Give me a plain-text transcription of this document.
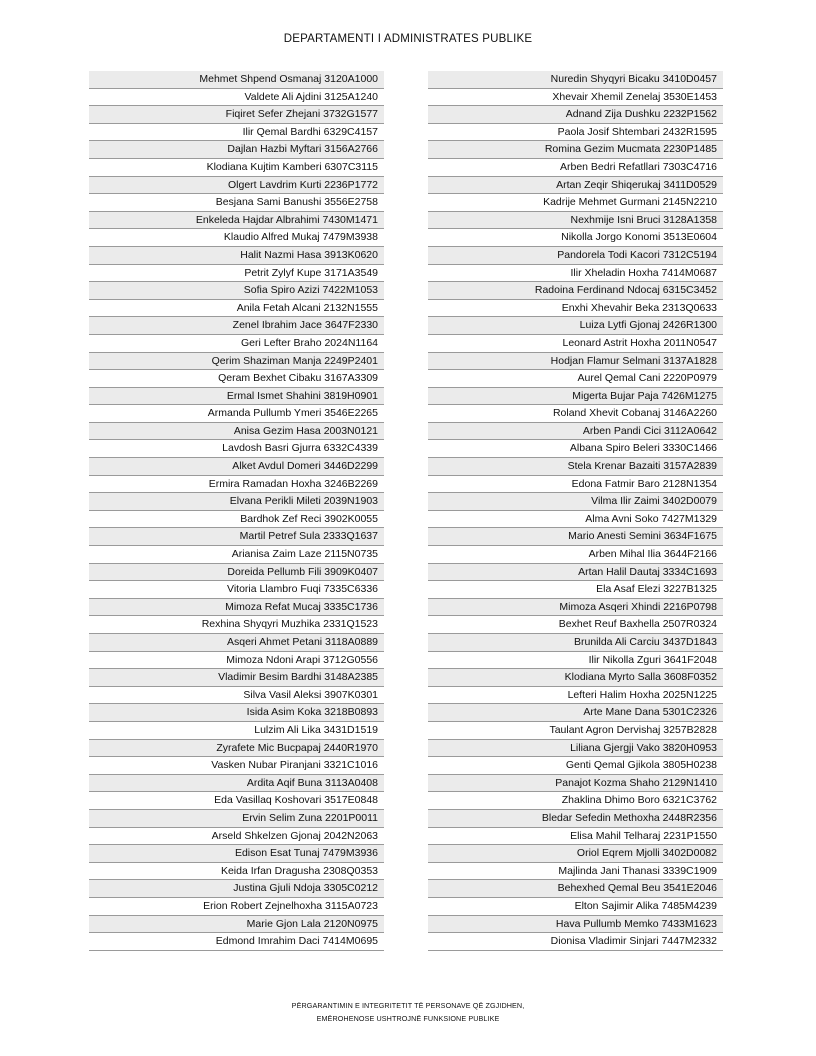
DEPARTAMENTI I ADMINISTRATES PUBLIKE
Mehmet Shpend Osmanaj 3120A1000
Valdete Ali Ajdini 3125A1240
Fiqiret Sefer Zhejani 3732G1577
Ilir Qemal Bardhi 6329C4157
Dajlan Hazbi Myftari 3156A2766
Klodiana Kujtim Kamberi 6307C3115
Olgert Lavdrim Kurti 2236P1772
Besjana Sami Banushi 3556E2758
Enkeleda Hajdar Albrahimi 7430M1471
Klaudio Alfred Mukaj 7479M3938
Halit Nazmi Hasa 3913K0620
Petrit Zylyf Kupe 3171A3549
Sofia Spiro Azizi 7422M1053
Anila Fetah Alcani 2132N1555
Zenel Ibrahim Jace 3647F2330
Geri Lefter Braho 2024N1164
Qerim Shaziman Manja 2249P2401
Qeram Bexhet Cibaku 3167A3309
Ermal Ismet Shahini 3819H0901
Armanda Pullumb Ymeri 3546E2265
Anisa Gezim Hasa 2003N0121
Lavdosh Basri Gjurra 6332C4339
Alket Avdul Domeri 3446D2299
Ermira Ramadan Hoxha 3246B2269
Elvana Perikli Mileti 2039N1903
Bardhok Zef Reci 3902K0055
Martil Petref Sula 2333Q1637
Arianisa Zaim Laze 2115N0735
Doreida Pellumb Fili 3909K0407
Vitoria Llambro Fuqi 7335C6336
Mimoza Refat Mucaj 3335C1736
Rexhina Shyqyri Muzhika 2331Q1523
Asqeri Ahmet Petani 3118A0889
Mimoza Ndoni Arapi 3712G0556
Vladimir Besim Bardhi 3148A2385
Silva Vasil Aleksi 3907K0301
Isida Asim Koka 3218B0893
Lulzim Ali Lika 3431D1519
Zyrafete Mic Bucpapaj 2440R1970
Vasken Nubar Piranjani 3321C1016
Ardita Aqif Buna 3113A0408
Eda Vasillaq Koshovari 3517E0848
Ervin Selim Zuna 2201P0011
Arseld Shkelzen Gjonaj 2042N2063
Edison Esat Tunaj 7479M3936
Keida Irfan Dragusha 2308Q0353
Justina Gjuli Ndoja 3305C0212
Erion Robert Zejnelhoxha 3115A0723
Marie Gjon Lala 2120N0975
Edmond Imrahim Daci 7414M0695
Nuredin Shyqyri Bicaku 3410D0457
Xhevair Xhemil Zenelaj 3530E1453
Adnand Zija Dushku 2232P1562
Paola Josif Shtembari 2432R1595
Romina Gezim Mucmata 2230P1485
Arben Bedri Refatllari 7303C4716
Artan Zeqir Shiqerukaj 3411D0529
Kadrije Mehmet Gurmani 2145N2210
Nexhmije Isni Bruci 3128A1358
Nikolla Jorgo Konomi 3513E0604
Pandorela Todi Kacori 7312C5194
Ilir Xheladin Hoxha 7414M0687
Radoina Ferdinand Ndocaj 6315C3452
Enxhi Xhevahir Beka 2313Q0633
Luiza Lytfi Gjonaj 2426R1300
Leonard Astrit Hoxha 2011N0547
Hodjan Flamur Selmani 3137A1828
Aurel Qemal Cani 2220P0979
Migerta Bujar Paja 7426M1275
Roland Xhevit Cobanaj 3146A2260
Arben Pandi Cici 3112A0642
Albana Spiro Beleri 3330C1466
Stela Krenar Bazaiti 3157A2839
Edona Fatmir Baro 2128N1354
Vilma Ilir Zaimi 3402D0079
Alma Avni Soko 7427M1329
Mario Anesti Semini 3634F1675
Arben Mihal Ilia 3644F2166
Artan Halil Dautaj 3334C1693
Ela Asaf Elezi 3227B1325
Mimoza Asqeri Xhindi 2216P0798
Bexhet Reuf Baxhella 2507R0324
Brunilda Ali Carciu 3437D1843
Ilir Nikolla Zguri 3641F2048
Klodiana Myrto Salla 3608F0352
Lefteri Halim Hoxha 2025N1225
Arte Mane Dana 5301C2326
Taulant Agron Dervishaj 3257B2828
Liliana Gjergji Vako 3820H0953
Genti Qemal Gjikola 3805H0238
Panajot Kozma Shaho 2129N1410
Zhaklina Dhimo Boro 6321C3762
Bledar Sefedin Methoxha 2448R2356
Elisa Mahil Telharaj 2231P1550
Oriol Eqrem Mjolli 3402D0082
Majlinda Jani Thanasi 3339C1909
Behexhed Qemal Beu 3541E2046
Elton Sajimir Alika 7485M4239
Hava Pullumb Memko 7433M1623
Dionisa Vladimir Sinjari 7447M2332
PËRGARANTIMIN E INTEGRITETIT TË PERSONAVE QË ZGJIDHEN,
EMËROHENOSE USHTROJNË FUNKSIONE PUBLIKE
